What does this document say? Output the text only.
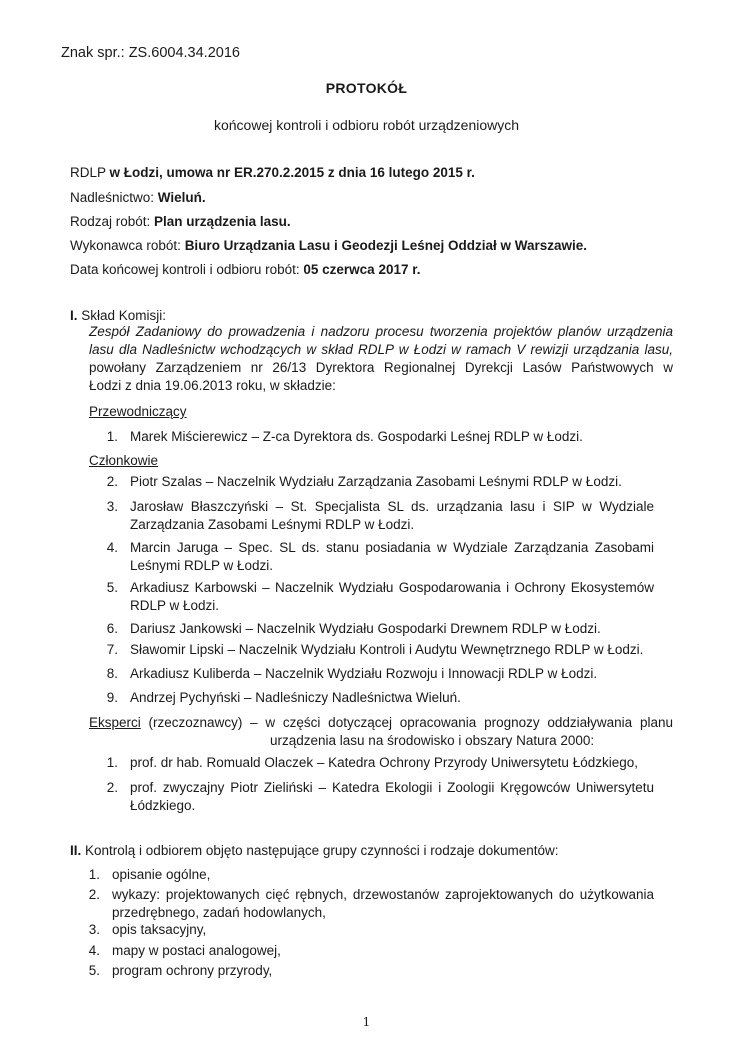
Znak spr.: ZS.6004.34.2016
PROTOKÓŁ
końcowej kontroli i odbioru robót urządzeniowych
RDLP w Łodzi, umowa nr ER.270.2.2015 z dnia 16 lutego 2015 r.
Nadleśnictwo: Wieluń.
Rodzaj robót: Plan urządzenia lasu.
Wykonawca robót: Biuro Urządzania Lasu i Geodezji Leśnej Oddział w Warszawie.
Data końcowej kontroli i odbioru robót: 05 czerwca 2017 r.
I. Skład Komisji:
Zespół Zadaniowy do prowadzenia i nadzoru procesu tworzenia projektów planów urządzenia
lasu dla Nadleśnictw wchodzących w skład RDLP w Łodzi w ramach V rewizji urządzania lasu,
powołany Zarządzeniem nr 26/13 Dyrektora Regionalnej Dyrekcji Lasów Państwowych w
Łodzi z dnia 19.06.2013 roku, w składzie:
Przewodniczący
1. Marek Miścierewicz – Z-ca Dyrektora ds. Gospodarki Leśnej RDLP w Łodzi.
Członkowie
2. Piotr Szalas – Naczelnik Wydziału Zarządzania Zasobami Leśnymi RDLP w Łodzi.
3. Jarosław Błaszczyński – St. Specjalista SL ds. urządzania lasu i SIP w Wydziale
Zarządzania Zasobami Leśnymi RDLP w Łodzi.
4. Marcin Jaruga – Spec. SL ds. stanu posiadania w Wydziale Zarządzania Zasobami
Leśnymi RDLP w Łodzi.
5. Arkadiusz Karbowski – Naczelnik Wydziału Gospodarowania i Ochrony Ekosystemów
RDLP w Łodzi.
6. Dariusz Jankowski – Naczelnik Wydziału Gospodarki Drewnem RDLP w Łodzi.
7. Sławomir Lipski – Naczelnik Wydziału Kontroli i Audytu Wewnętrznego RDLP w Łodzi.
8. Arkadiusz Kuliberda – Naczelnik Wydziału Rozwoju i Innowacji RDLP w Łodzi.
9. Andrzej Pychyński – Nadleśniczy Nadleśnictwa Wieluń.
Eksperci (rzeczoznawcy) – w części dotyczącej opracowania prognozy oddziaływania planu
urządzenia lasu na środowisko i obszary Natura 2000:
1. prof. dr hab. Romuald Olaczek – Katedra Ochrony Przyrody Uniwersytetu Łódzkiego,
2. prof. zwyczajny Piotr Zieliński – Katedra Ekologii i Zoologii Kręgowców Uniwersytetu
Łódzkiego.
II. Kontrolą i odbiorem objęto następujące grupy czynności i rodzaje dokumentów:
1. opisanie ogólne,
2. wykazy: projektowanych cięć rębnych, drzewostanów zaprojektowanych do użytkowania
przedrębnego, zadań hodowlanych,
3. opis taksacyjny,
4. mapy w postaci analogowej,
5. program ochrony przyrody,
1
